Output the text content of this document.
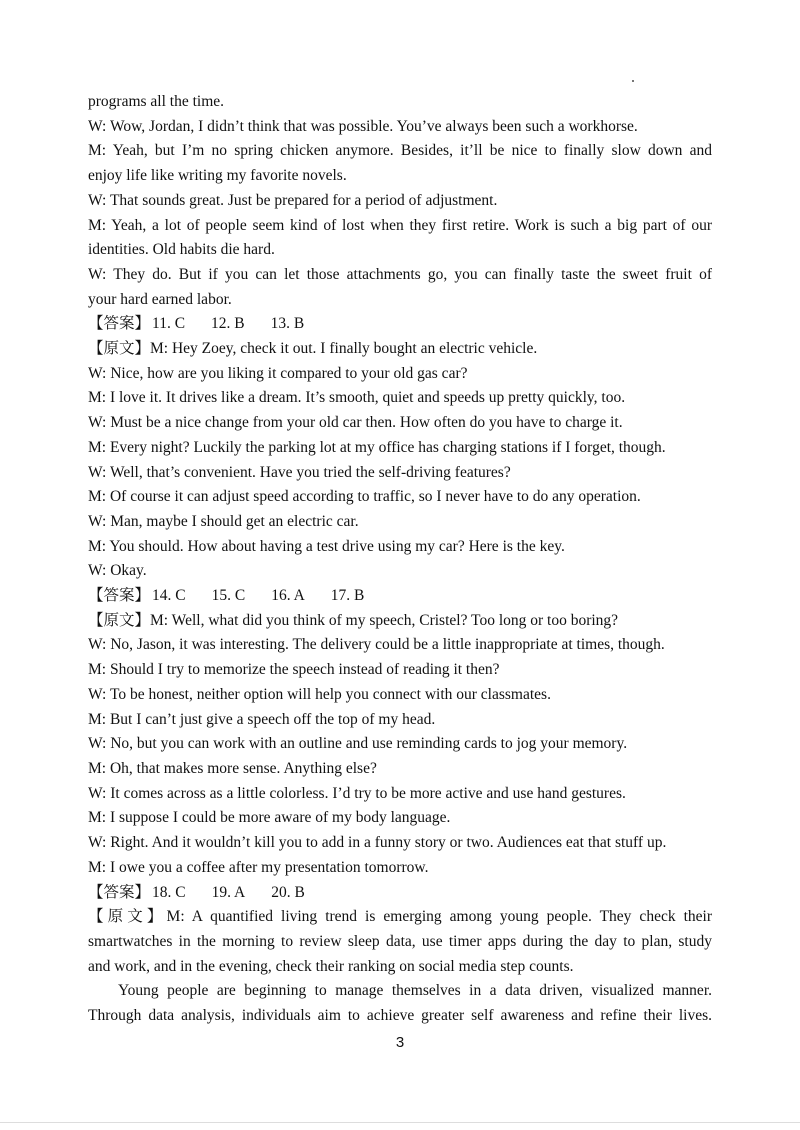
programs all the time.
W: Wow, Jordan, I didn’t think that was possible. You’ve always been such a workhorse.
M: Yeah, but I’m no spring chicken anymore. Besides, it’ll be nice to finally slow down and
enjoy life like writing my favorite novels.
W: That sounds great. Just be prepared for a period of adjustment.
M: Yeah, a lot of people seem kind of lost when they first retire. Work is such a big part of our
identities. Old habits die hard.
W: They do. But if you can let those attachments go, you can finally taste the sweet fruit of
your hard earned labor.
【答案】 11. C 12. B 13. B
【原文】M: Hey Zoey, check it out. I finally bought an electric vehicle.
W: Nice, how are you liking it compared to your old gas car?
M: I love it. It drives like a dream. It’s smooth, quiet and speeds up pretty quickly, too.
W: Must be a nice change from your old car then. How often do you have to charge it.
M: Every night? Luckily the parking lot at my office has charging stations if I forget, though.
W: Well, that’s convenient. Have you tried the self-driving features?
M: Of course it can adjust speed according to traffic, so I never have to do any operation.
W: Man, maybe I should get an electric car.
M: You should. How about having a test drive using my car? Here is the key.
W: Okay.
【答案】 14. C 15. C 16. A 17. B
【原文】M: Well, what did you think of my speech, Cristel? Too long or too boring?
W: No, Jason, it was interesting. The delivery could be a little inappropriate at times, though.
M: Should I try to memorize the speech instead of reading it then?
W: To be honest, neither option will help you connect with our classmates.
M: But I can’t just give a speech off the top of my head.
W: No, but you can work with an outline and use reminding cards to jog your memory.
M: Oh, that makes more sense. Anything else?
W: It comes across as a little colorless. I’d try to be more active and use hand gestures.
M: I suppose I could be more aware of my body language.
W: Right. And it wouldn’t kill you to add in a funny story or two. Audiences eat that stuff up.
M: I owe you a coffee after my presentation tomorrow.
【答案】 18. C 19. A 20. B
【原文】M: A quantified living trend is emerging among young people. They check their
smartwatches in the morning to review sleep data, use timer apps during the day to plan, study
and work, and in the evening, check their ranking on social media step counts.
Young people are beginning to manage themselves in a data driven, visualized manner.
Through data analysis, individuals aim to achieve greater self awareness and refine their lives.
3
